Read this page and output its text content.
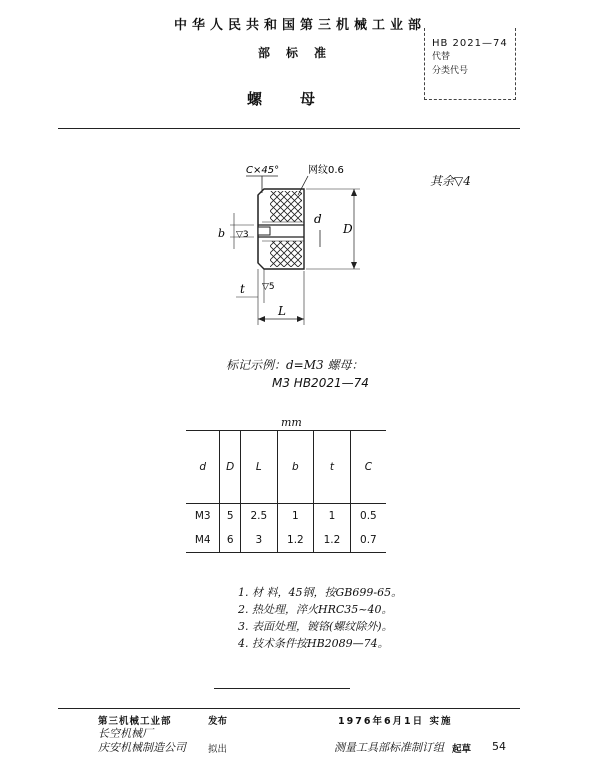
中华人民共和国第三机械工业部
部标准
螺母
HB 2021—74
代替
分类代号
其余▽4
C×45°	网纹0.6
b ▽3
d
D
t ▽5
L
标记示例：d=M3 螺母：
M3 HB2021—74
mm
d	D	L	b	t	C
M3	5	2.5	1	1	0.5
M4	6	3	1.2	1.2	0.7
1. 材 料，45钢，按GB699-65。
2. 热处理，淬火HRC35~40。
3. 表面处理，镀铬(螺纹除外)。
4. 技术条件按HB2089—74。
第三机械工业部	发布
长空机械厂
庆安机械制造公司 拟出
1976年6月1日 实施
测量工具部标准制订组 起草 54
